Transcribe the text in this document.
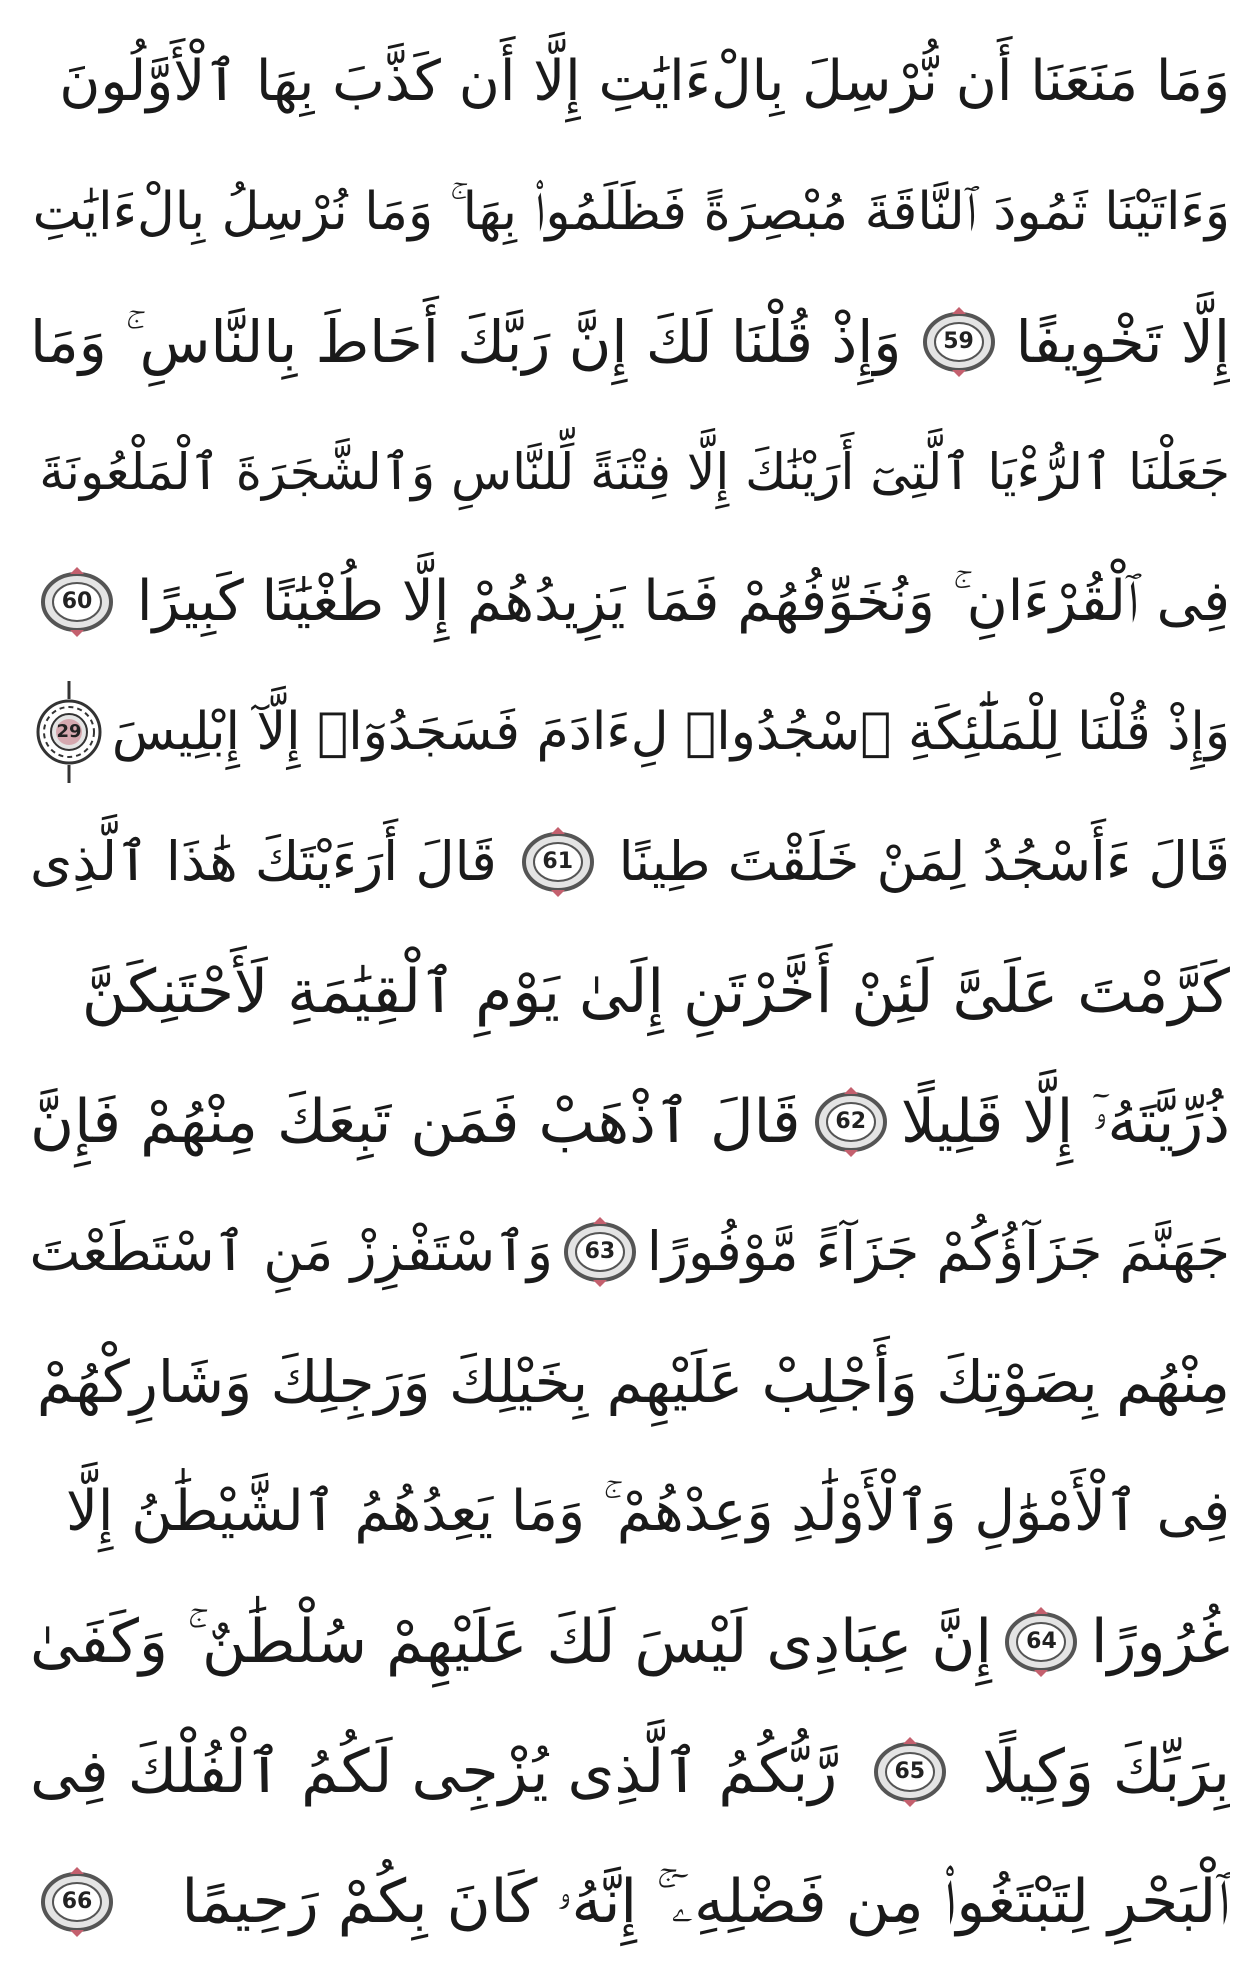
وَمَا مَنَعَنَا أَن نُّرْسِلَ بِالْءَايَٰتِ إِلَّا أَن كَذَّبَ بِهَا ٱلْأَوَّلُونَ
وَءَاتَيْنَا ثَمُودَ ٱلنَّاقَةَ مُبْصِرَةً فَظَلَمُوا۟ بِهَا ۚ وَمَا نُرْسِلُ بِالْءَايَٰتِ
إِلَّا تَخْوِيفًا
59
وَإِذْ قُلْنَا لَكَ إِنَّ رَبَّكَ أَحَاطَ بِالنَّاسِ ۚ وَمَا
جَعَلْنَا ٱلرُّءْيَا ٱلَّتِىٓ أَرَيْنَٰكَ إِلَّا فِتْنَةً لِّلنَّاسِ وَٱلشَّجَرَةَ ٱلْمَلْعُونَةَ
فِى ٱلْقُرْءَانِ ۚ وَنُخَوِّفُهُمْ فَمَا يَزِيدُهُمْ إِلَّا طُغْيَٰنًا كَبِيرًا
60
وَإِذْ قُلْنَا لِلْمَلَٰٓئِكَةِ ٱسْجُدُوا۟ لِءَادَمَ فَسَجَدُوٓا۟ إِلَّآ إِبْلِيسَ
29
قَالَ ءَأَسْجُدُ لِمَنْ خَلَقْتَ طِينًا
61
قَالَ أَرَءَيْتَكَ هَٰذَا ٱلَّذِى
كَرَّمْتَ عَلَىَّ لَئِنْ أَخَّرْتَنِ إِلَىٰ يَوْمِ ٱلْقِيَٰمَةِ لَأَحْتَنِكَنَّ
ذُرِّيَّتَهُۥٓ إِلَّا قَلِيلًا
62
قَالَ ٱذْهَبْ فَمَن تَبِعَكَ مِنْهُمْ فَإِنَّ
جَهَنَّمَ جَزَآؤُكُمْ جَزَآءً مَّوْفُورًا
63
وَٱسْتَفْزِزْ مَنِ ٱسْتَطَعْتَ
مِنْهُم بِصَوْتِكَ وَأَجْلِبْ عَلَيْهِم بِخَيْلِكَ وَرَجِلِكَ وَشَارِكْهُمْ
فِى ٱلْأَمْوَٰلِ وَٱلْأَوْلَٰدِ وَعِدْهُمْ ۚ وَمَا يَعِدُهُمُ ٱلشَّيْطَٰنُ إِلَّا
غُرُورًا
64
إِنَّ عِبَادِى لَيْسَ لَكَ عَلَيْهِمْ سُلْطَٰنٌ ۚ وَكَفَىٰ
بِرَبِّكَ وَكِيلًا
65
رَّبُّكُمُ ٱلَّذِى يُزْجِى لَكُمُ ٱلْفُلْكَ فِى
ٱلْبَحْرِ لِتَبْتَغُوا۟ مِن فَضْلِهِۦٓ ۚ إِنَّهُۥ كَانَ بِكُمْ رَحِيمًا
66
